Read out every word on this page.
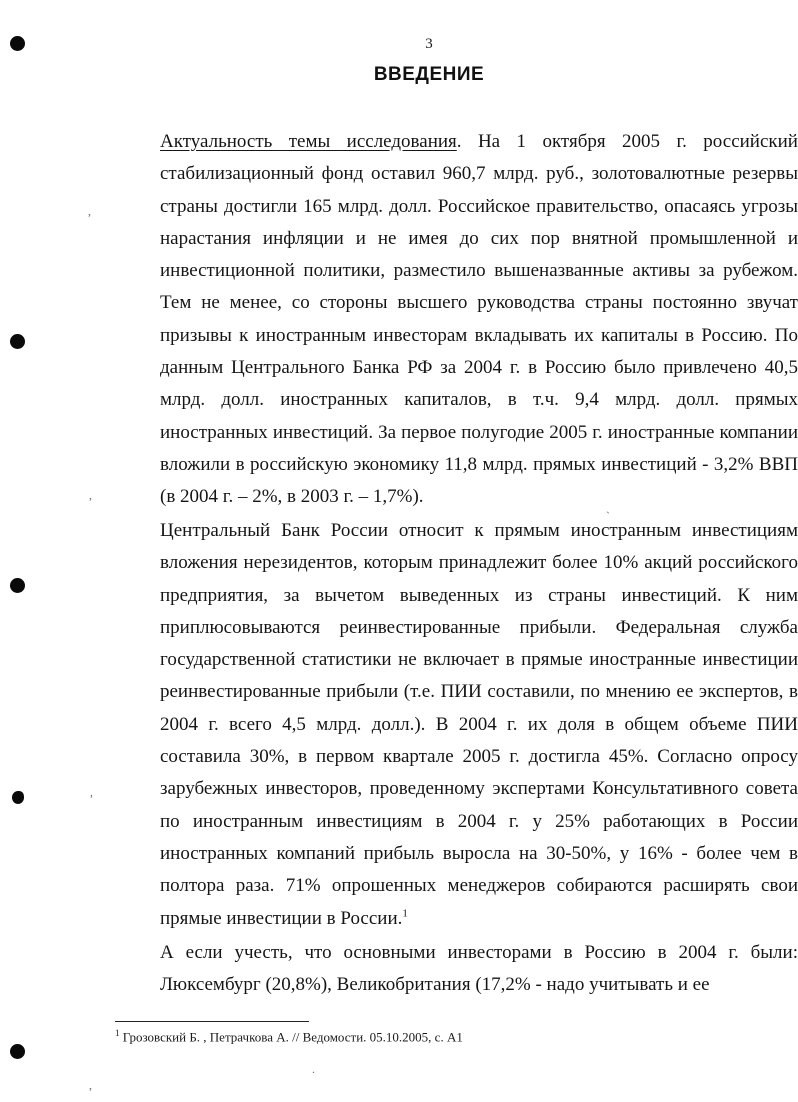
,
,
,
,
ˎ
.
3
ВВЕДЕНИЕ
Актуальность темы исследования. На 1 октября 2005 г. российский стабилизационный фонд оставил 960,7 млрд. руб., золотовалютные резервы страны достигли 165 млрд. долл. Российское правительство, опасаясь угрозы нарастания инфляции и не имея до сих пор внятной промышленной и инвестиционной политики, разместило вышеназванные активы за рубежом. Тем не менее, со стороны высшего руководства страны постоянно звучат призывы к иностранным инвесторам вкладывать их капиталы в Россию. По данным Центрального Банка РФ за 2004 г. в Россию было привлечено 40,5 млрд. долл. иностранных капиталов, в т.ч. 9,4 млрд. долл. прямых иностранных инвестиций. За первое полугодие 2005 г. иностранные компании вложили в российскую экономику 11,8 млрд. прямых инвестиций - 3,2% ВВП (в 2004 г. – 2%, в 2003 г. – 1,7%).
Центральный Банк России относит к прямым иностранным инвестициям вложения нерезидентов, которым принадлежит более 10% акций российского предприятия, за вычетом выведенных из страны инвестиций. К ним приплюсовываются реинвестированные прибыли. Федеральная служба государственной статистики не включает в прямые иностранные инвестиции реинвестированные прибыли (т.е. ПИИ составили, по мнению ее экспертов, в 2004 г. всего 4,5 млрд. долл.). В 2004 г. их доля в общем объеме ПИИ составила 30%, в первом квартале 2005 г. достигла 45%. Согласно опросу зарубежных инвесторов, проведенному экспертами Консультативного совета по иностранным инвестициям в 2004 г. у 25% работающих в России иностранных компаний прибыль выросла на 30-50%, у 16% - более чем в полтора раза. 71% опрошенных менеджеров собираются расширять свои прямые инвестиции в России.$^1$
А если учесть, что основными инвесторами в Россию в 2004 г. были: Люксембург (20,8%), Великобритания (17,2% - надо учитывать и ее
$^1$ Грозовский Б. , Петрачкова А. // Ведомости. 05.10.2005, с. А1
